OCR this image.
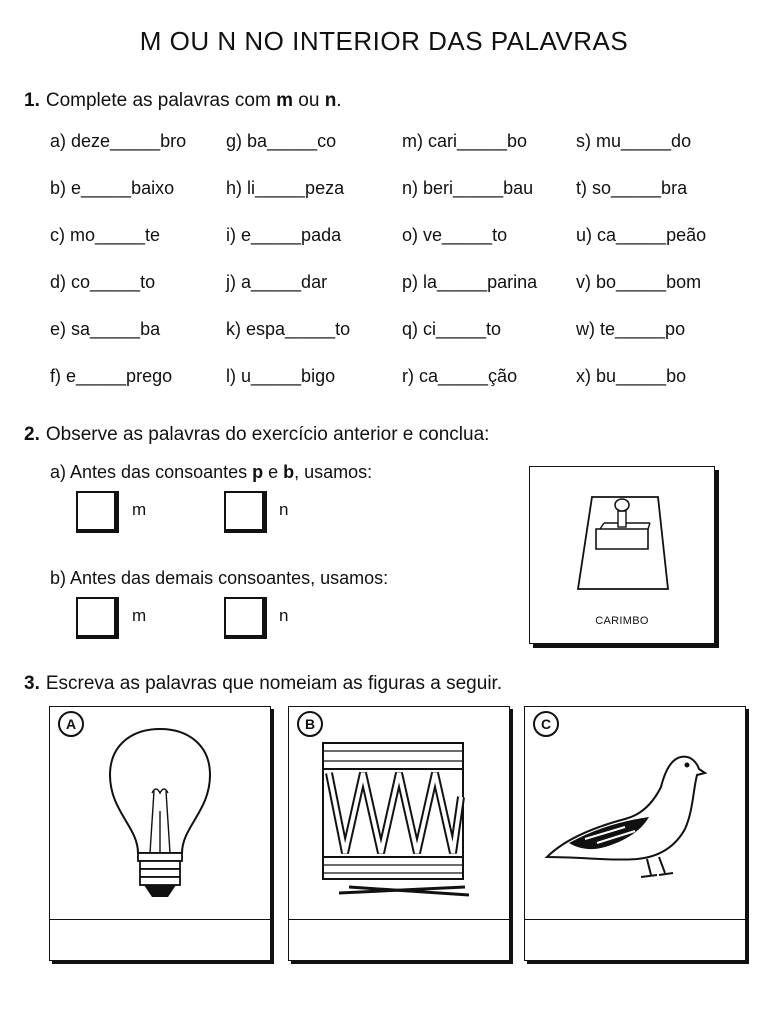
M OU N NO INTERIOR DAS PALAVRAS
1. Complete as palavras com m ou n.
a) deze_____bro	g) ba_____co	m) cari_____bo	s) mu_____do
b) e_____baixo	h) li_____peza	n) beri_____bau	t) so_____bra
c) mo_____te	i) e_____pada	o) ve_____to	u) ca_____peão
d) co_____to	j) a_____dar	p) la_____parina	v) bo_____bom
e) sa_____ba	k) espa_____to	q) ci_____to	w) te_____po
f) e_____prego	l) u_____bigo	r) ca_____ção	x) bu_____bo
2. Observe as palavras do exercício anterior e conclua:
a) Antes das consoantes p e b, usamos:
m	n
b) Antes das demais consoantes, usamos:
m	n	CARIMBO
3. Escreva as palavras que nomeiam as figuras a seguir.
A	B	C
